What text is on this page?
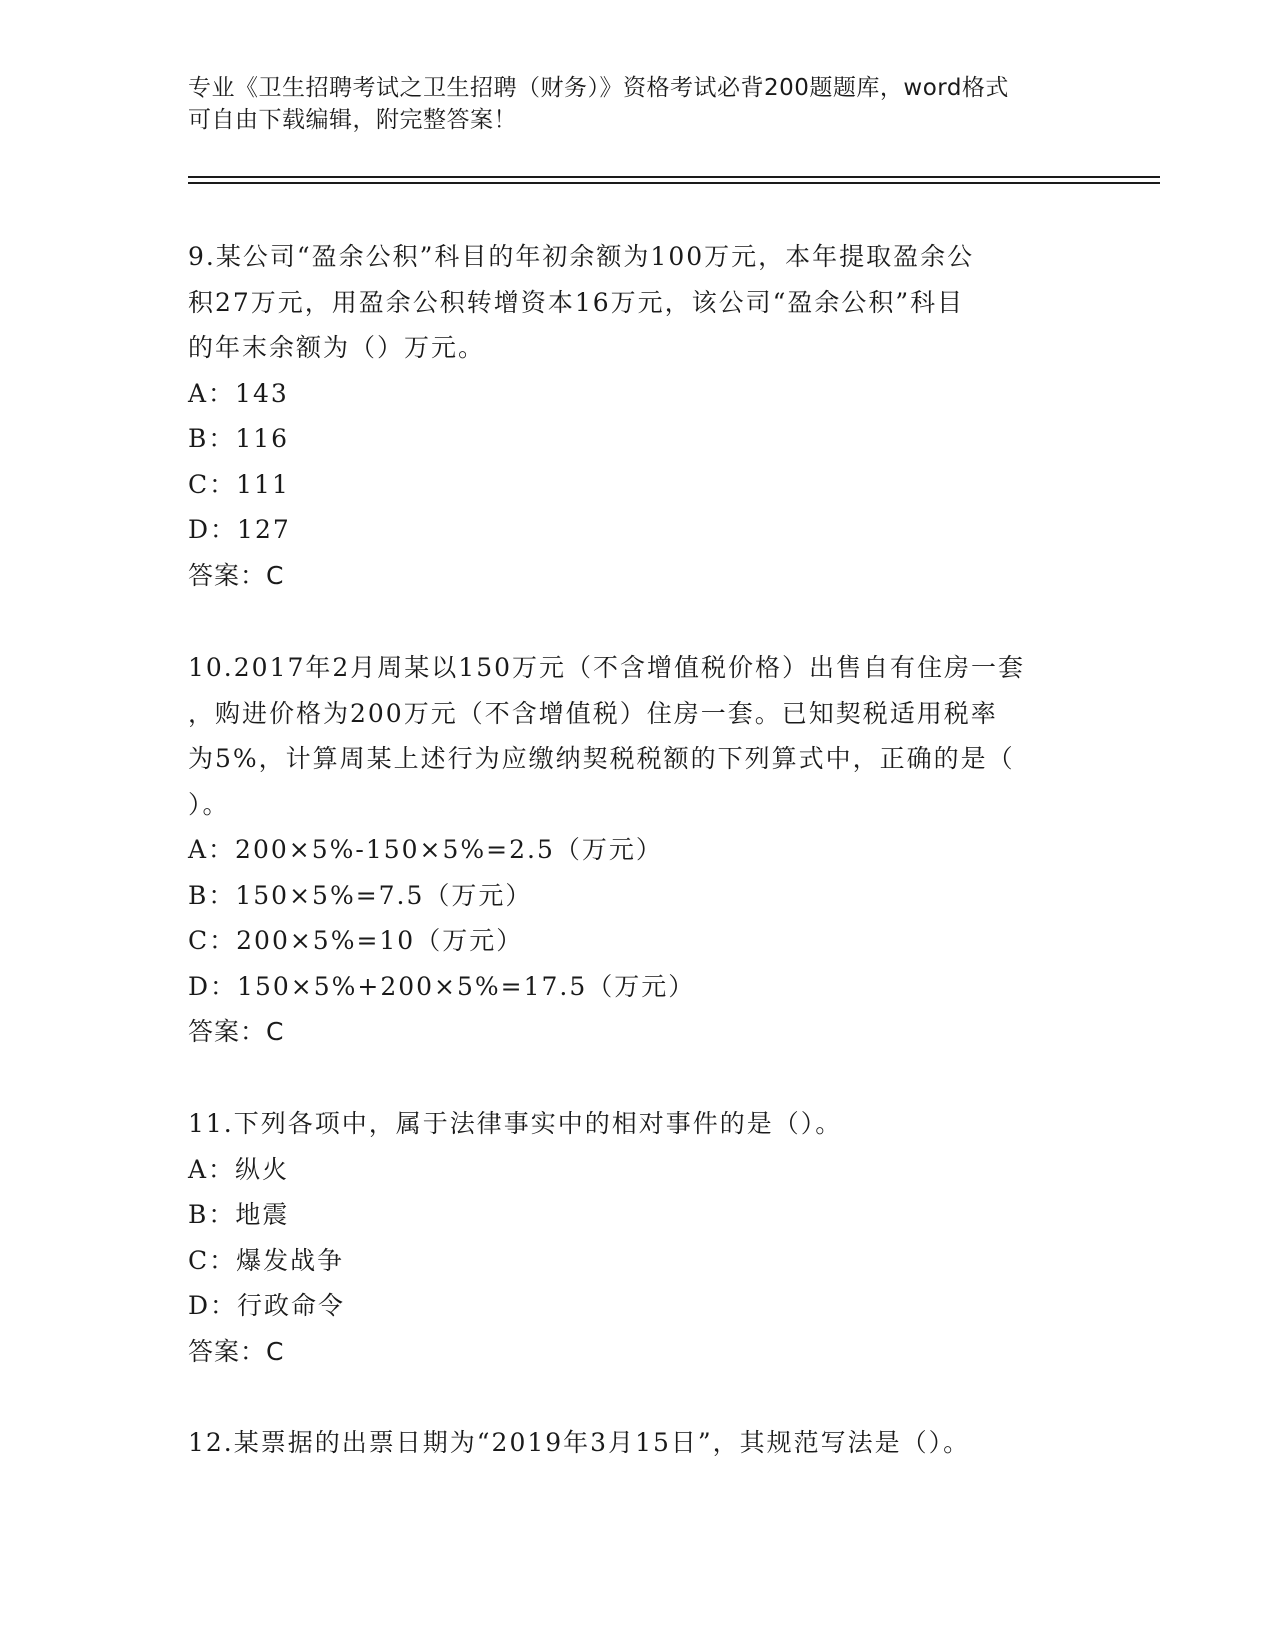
专业《卫生招聘考试之卫生招聘（财务）》资格考试必背200题题库，word格式

可自由下载编辑，附完整答案！

9.某公司“盈余公积”科目的年初余额为100万元，本年提取盈余公

积27万元，用盈余公积转增资本16万元，该公司“盈余公积”科目

的年末余额为（）万元。

A：143

B：116

C：111

D：127

答案：C

10.2017年2月周某以150万元（不含增值税价格）出售自有住房一套

，购进价格为200万元（不含增值税）住房一套。已知契税适用税率

为5%，计算周某上述行为应缴纳契税税额的下列算式中，正确的是（

）。

A：200×5%-150×5%=2.5（万元）

B：150×5%=7.5（万元）

C：200×5%=10（万元）

D：150×5%+200×5%=17.5（万元）

答案：C

11.下列各项中，属于法律事实中的相对事件的是（）。

A：纵火

B：地震

C：爆发战争

D：行政命令

答案：C

12.某票据的出票日期为“2019年3月15日”，其规范写法是（）。
